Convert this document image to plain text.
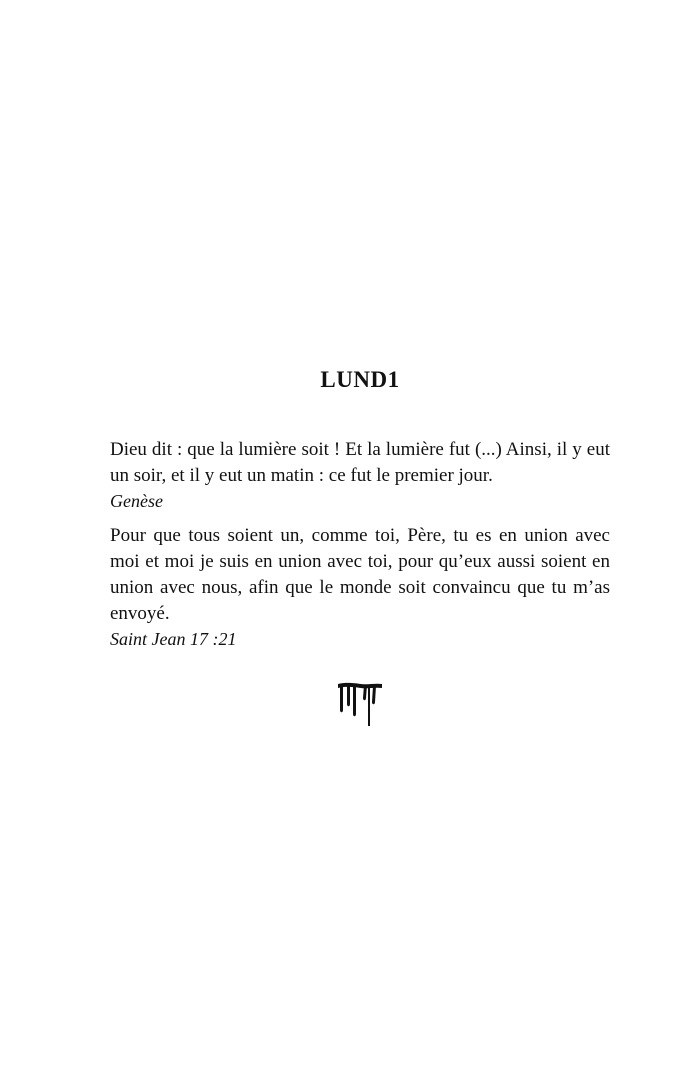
LUND1

Dieu dit : que la lumière soit ! Et la lumière fut (...) Ainsi, il y eut un soir, et il y eut un matin : ce fut le premier jour.

Genèse

Pour que tous soient un, comme toi, Père, tu es en union avec moi et moi je suis en union avec toi, pour qu’eux aussi soient en union avec nous, afin que le monde soit convaincu que tu m’as envoyé.

Saint Jean 17 :21
